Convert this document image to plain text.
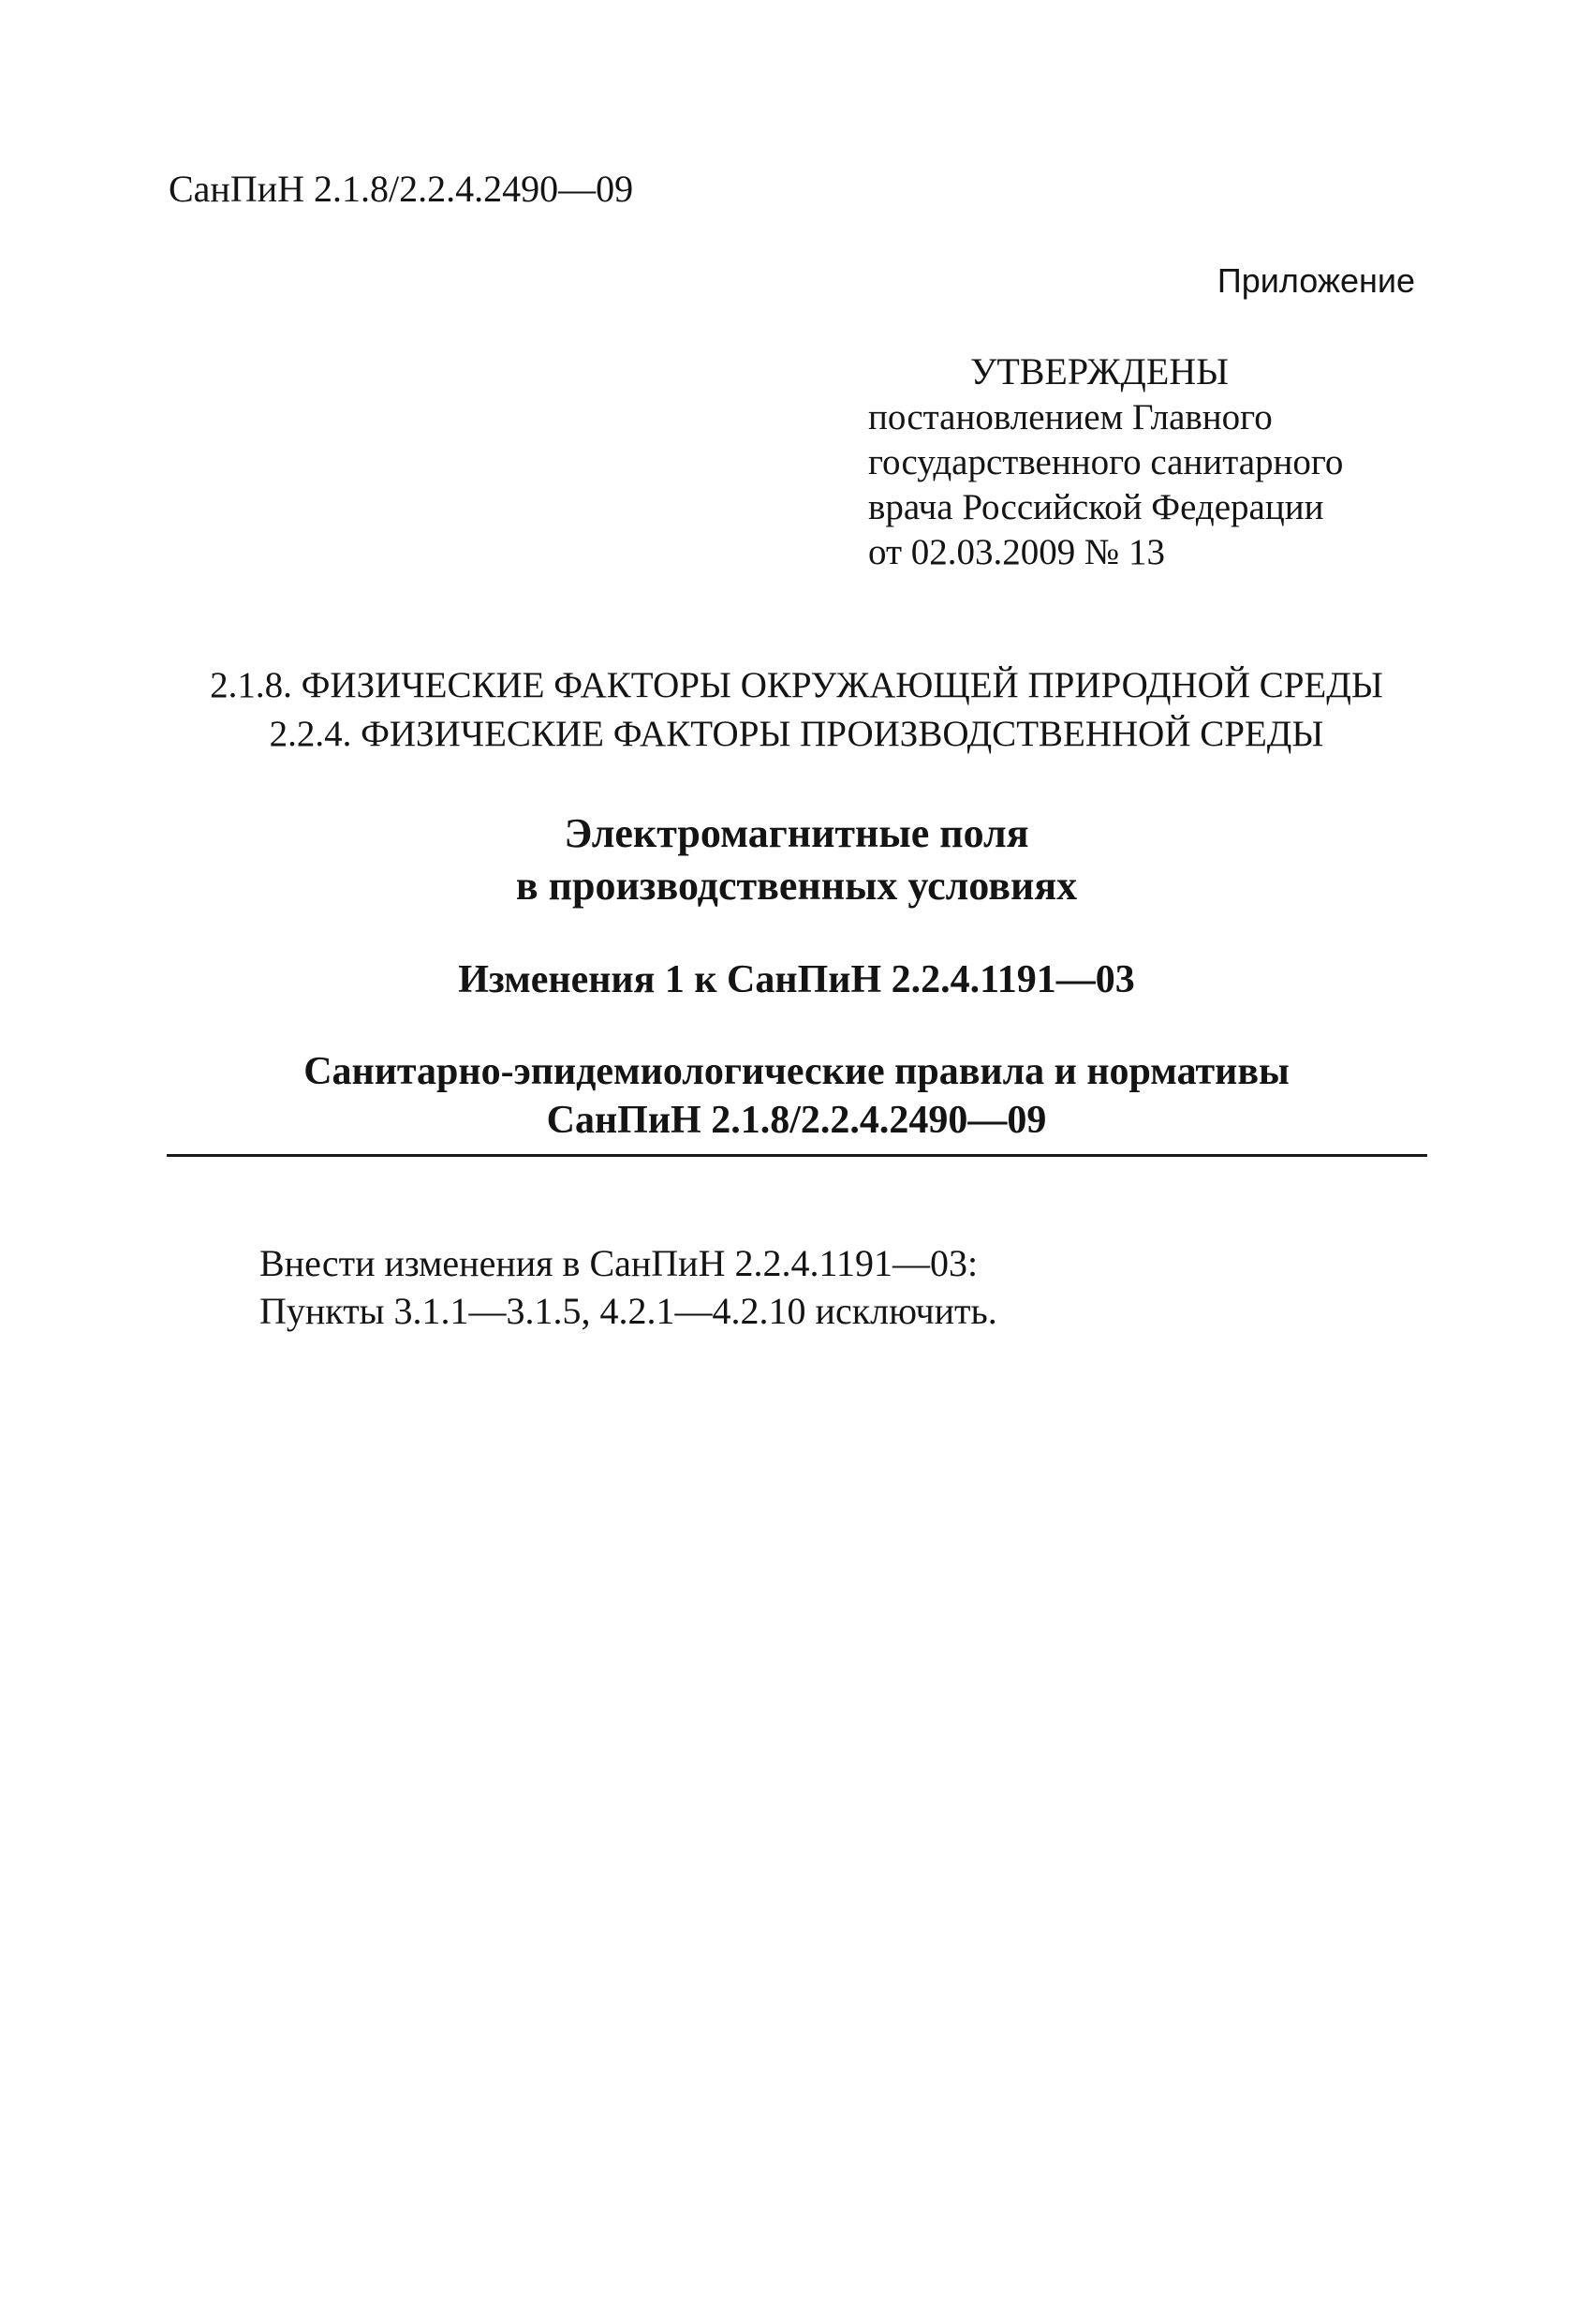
СанПиН 2.1.8/2.2.4.2490—09
Приложение
УТВЕРЖДЕНЫ
постановлением Главного
государственного санитарного
врача Российской Федерации
от 02.03.2009 № 13
2.1.8. ФИЗИЧЕСКИЕ ФАКТОРЫ ОКРУЖАЮЩЕЙ ПРИРОДНОЙ СРЕДЫ
2.2.4. ФИЗИЧЕСКИЕ ФАКТОРЫ ПРОИЗВОДСТВЕННОЙ СРЕДЫ
Электромагнитные поля
в производственных условиях
Изменения 1 к СанПиН 2.2.4.1191—03
Санитарно-эпидемиологические правила и нормативы
СанПиН 2.1.8/2.2.4.2490—09
Внести изменения в СанПиН 2.2.4.1191—03:
Пункты 3.1.1—3.1.5, 4.2.1—4.2.10 исключить.
